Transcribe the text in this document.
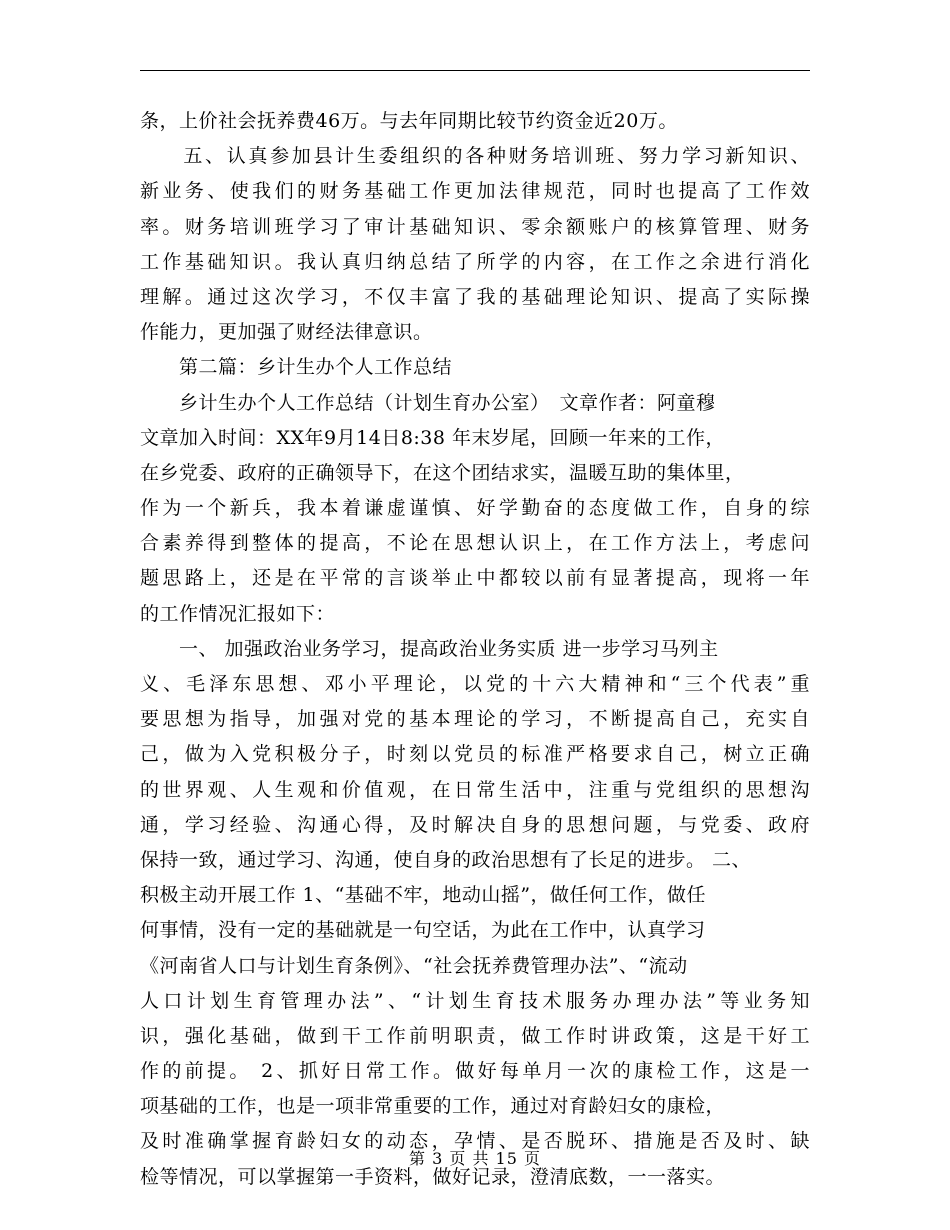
条，上价社会抚养费46万。与去年同期比较节约资金近20万。
　　五、认真参加县计生委组织的各种财务培训班、努力学习新知识、
新业务、使我们的财务基础工作更加法律规范，同时也提高了工作效
率。财务培训班学习了审计基础知识、零余额账户的核算管理、财务
工作基础知识。我认真归纳总结了所学的内容，在工作之余进行消化
理解。通过这次学习，不仅丰富了我的基础理论知识、提高了实际操
作能力，更加强了财经法律意识。
　　第二篇：乡计生办个人工作总结
　　乡计生办个人工作总结（计划生育办公室）　文章作者：阿童穆
文章加入时间：XX年9月14日8:38 年末岁尾，回顾一年来的工作，
在乡党委、政府的正确领导下，在这个团结求实，温暖互助的集体里，
作为一个新兵，我本着谦虚谨慎、好学勤奋的态度做工作，自身的综
合素养得到整体的提高，不论在思想认识上，在工作方法上，考虑问
题思路上，还是在平常的言谈举止中都较以前有显著提高，现将一年
的工作情况汇报如下：
　　一、 加强政治业务学习，提高政治业务实质 进一步学习马列主
义、毛泽东思想、邓小平理论，以党的十六大精神和“三个代表”重
要思想为指导，加强对党的基本理论的学习，不断提高自己，充实自
己，做为入党积极分子，时刻以党员的标准严格要求自己，树立正确
的世界观、人生观和价值观，在日常生活中，注重与党组织的思想沟
通，学习经验、沟通心得，及时解决自身的思想问题，与党委、政府
保持一致，通过学习、沟通，使自身的政治思想有了长足的进步。 二、
积极主动开展工作 1、“基础不牢，地动山摇”，做任何工作，做任
何事情，没有一定的基础就是一句空话，为此在工作中，认真学习
《河南省人口与计划生育条例》、“社会抚养费管理办法”、“流动
人口计划生育管理办法”、“计划生育技术服务办理办法”等业务知
识，强化基础，做到干工作前明职责，做工作时讲政策，这是干好工
作的前提。 2、抓好日常工作。做好每单月一次的康检工作，这是一
项基础的工作，也是一项非常重要的工作，通过对育龄妇女的康检，
及时准确掌握育龄妇女的动态，孕情、是否脱环、措施是否及时、缺
检等情况，可以掌握第一手资料，做好记录，澄清底数，一一落实。
第 3 页 共 15 页
